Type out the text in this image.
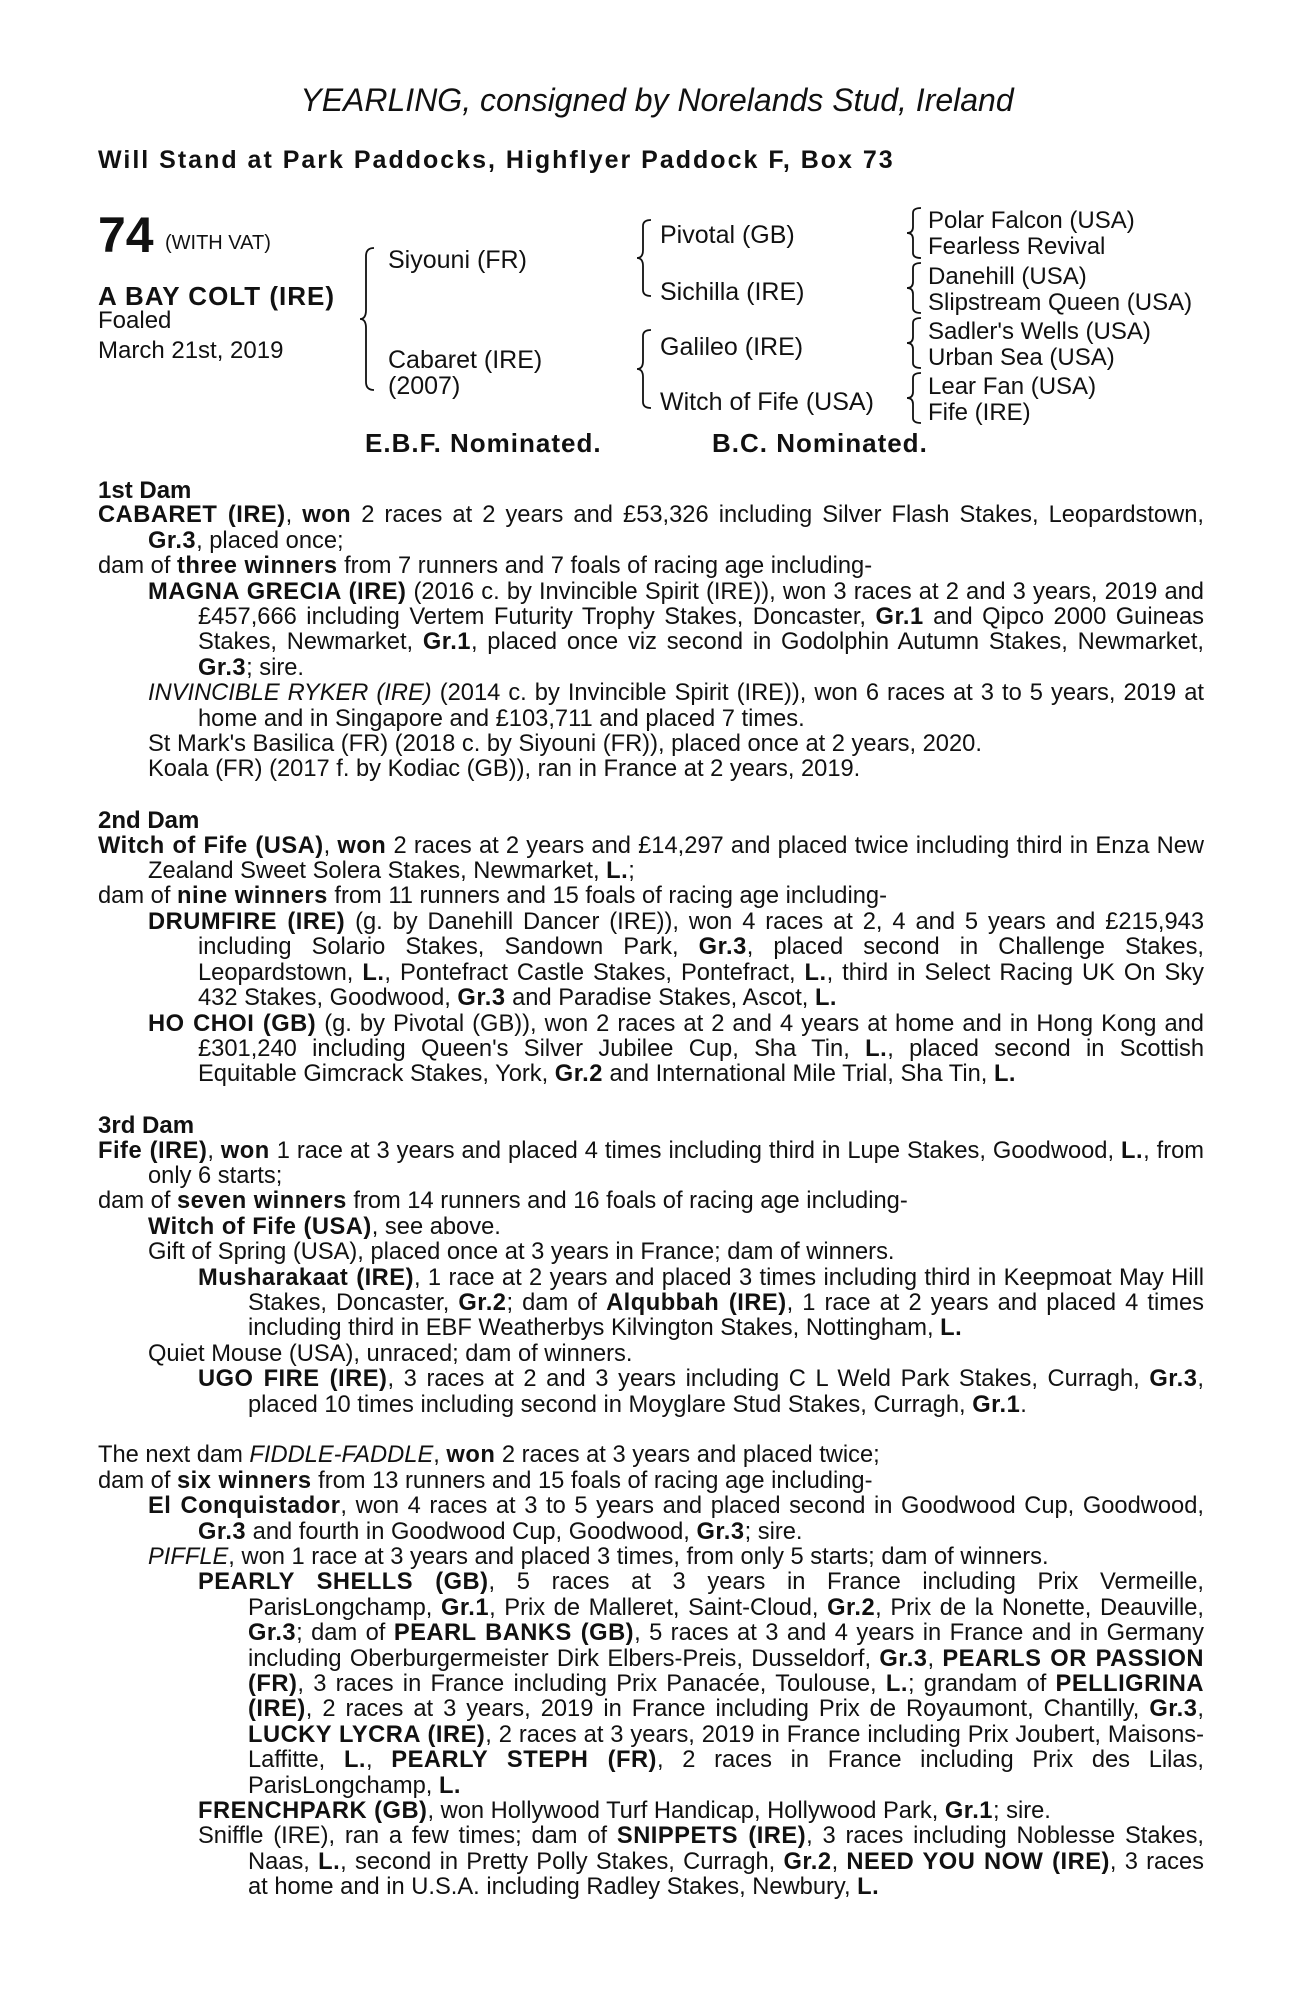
YEARLING, consigned by Norelands Stud, Ireland
Will Stand at Park Paddocks, Highflyer Paddock F, Box 73
74 (WITH VAT)
A BAY COLT (IRE)
Foaled
March 21st, 2019
Siyouni (FR)
Cabaret (IRE)
(2007)
Pivotal (GB)
Sichilla (IRE)
Galileo (IRE)
Witch of Fife (USA)
Polar Falcon (USA)
Fearless Revival
Danehill (USA)
Slipstream Queen (USA)
Sadler's Wells (USA)
Urban Sea (USA)
Lear Fan (USA)
Fife (IRE)
E.B.F. Nominated.	B.C. Nominated.

1st Dam

CABARET (IRE), won 2 races at 2 years and £53,326 including Silver Flash Stakes, Leopardstown, Gr.3, placed once;

dam of three winners from 7 runners and 7 foals of racing age including-

MAGNA GRECIA (IRE) (2016 c. by Invincible Spirit (IRE)), won 3 races at 2 and 3 years, 2019 and £457,666 including Vertem Futurity Trophy Stakes, Doncaster, Gr.1 and Qipco 2000 Guineas Stakes, Newmarket, Gr.1, placed once viz second in Godolphin Autumn Stakes, Newmarket, Gr.3; sire.

INVINCIBLE RYKER (IRE) (2014 c. by Invincible Spirit (IRE)), won 6 races at 3 to 5 years, 2019 at home and in Singapore and £103,711 and placed 7 times.

St Mark's Basilica (FR) (2018 c. by Siyouni (FR)), placed once at 2 years, 2020.

Koala (FR) (2017 f. by Kodiac (GB)), ran in France at 2 years, 2019.

2nd Dam

Witch of Fife (USA), won 2 races at 2 years and £14,297 and placed twice including third in Enza New Zealand Sweet Solera Stakes, Newmarket, L.;

dam of nine winners from 11 runners and 15 foals of racing age including-

DRUMFIRE (IRE) (g. by Danehill Dancer (IRE)), won 4 races at 2, 4 and 5 years and £215,943 including Solario Stakes, Sandown Park, Gr.3, placed second in Challenge Stakes, Leopardstown, L., Pontefract Castle Stakes, Pontefract, L., third in Select Racing UK On Sky 432 Stakes, Goodwood, Gr.3 and Paradise Stakes, Ascot, L.

HO CHOI (GB) (g. by Pivotal (GB)), won 2 races at 2 and 4 years at home and in Hong Kong and £301,240 including Queen's Silver Jubilee Cup, Sha Tin, L., placed second in Scottish Equitable Gimcrack Stakes, York, Gr.2 and International Mile Trial, Sha Tin, L.

3rd Dam

Fife (IRE), won 1 race at 3 years and placed 4 times including third in Lupe Stakes, Goodwood, L., from only 6 starts;

dam of seven winners from 14 runners and 16 foals of racing age including-

Witch of Fife (USA), see above.

Gift of Spring (USA), placed once at 3 years in France; dam of winners.

Musharakaat (IRE), 1 race at 2 years and placed 3 times including third in Keepmoat May Hill Stakes, Doncaster, Gr.2; dam of Alqubbah (IRE), 1 race at 2 years and placed 4 times including third in EBF Weatherbys Kilvington Stakes, Nottingham, L.

Quiet Mouse (USA), unraced; dam of winners.

UGO FIRE (IRE), 3 races at 2 and 3 years including C L Weld Park Stakes, Curragh, Gr.3, placed 10 times including second in Moyglare Stud Stakes, Curragh, Gr.1.

The next dam FIDDLE-FADDLE, won 2 races at 3 years and placed twice;

dam of six winners from 13 runners and 15 foals of racing age including-

El Conquistador, won 4 races at 3 to 5 years and placed second in Goodwood Cup, Goodwood, Gr.3 and fourth in Goodwood Cup, Goodwood, Gr.3; sire.

PIFFLE, won 1 race at 3 years and placed 3 times, from only 5 starts; dam of winners.

PEARLY SHELLS (GB), 5 races at 3 years in France including Prix Vermeille, ParisLongchamp, Gr.1, Prix de Malleret, Saint-Cloud, Gr.2, Prix de la Nonette, Deauville, Gr.3; dam of PEARL BANKS (GB), 5 races at 3 and 4 years in France and in Germany including Oberburgermeister Dirk Elbers-Preis, Dusseldorf, Gr.3, PEARLS OR PASSION (FR), 3 races in France including Prix Panacée, Toulouse, L.; grandam of PELLIGRINA (IRE), 2 races at 3 years, 2019 in France including Prix de Royaumont, Chantilly, Gr.3, LUCKY LYCRA (IRE), 2 races at 3 years, 2019 in France including Prix Joubert, Maisons-Laffitte, L., PEARLY STEPH (FR), 2 races in France including Prix des Lilas, ParisLongchamp, L.

FRENCHPARK (GB), won Hollywood Turf Handicap, Hollywood Park, Gr.1; sire.

Sniffle (IRE), ran a few times; dam of SNIPPETS (IRE), 3 races including Noblesse Stakes, Naas, L., second in Pretty Polly Stakes, Curragh, Gr.2, NEED YOU NOW (IRE), 3 races at home and in U.S.A. including Radley Stakes, Newbury, L.
